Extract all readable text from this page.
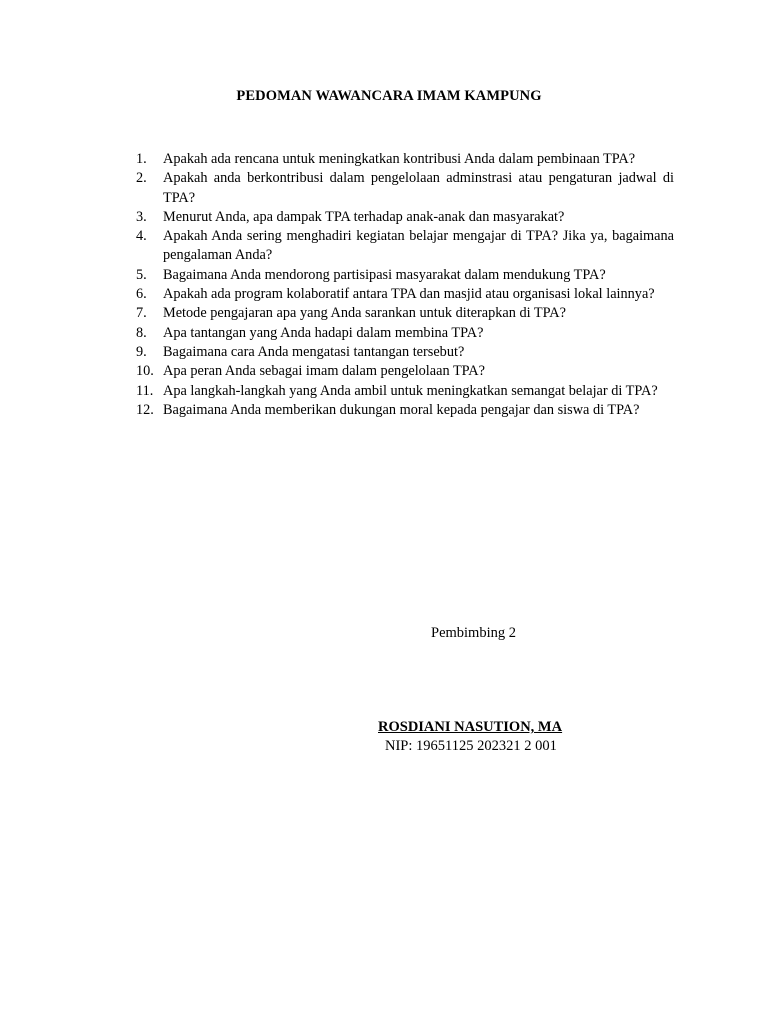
PEDOMAN WAWANCARA IMAM KAMPUNG
1.	Apakah ada rencana untuk meningkatkan kontribusi Anda dalam pembinaan TPA?
2.	Apakah anda berkontribusi dalam pengelolaan adminstrasi atau pengaturan jadwal di TPA?
3.	Menurut Anda, apa dampak TPA terhadap anak-anak dan masyarakat?
4.	Apakah Anda sering menghadiri kegiatan belajar mengajar di TPA? Jika ya, bagaimana pengalaman Anda?
5.	Bagaimana Anda mendorong partisipasi masyarakat dalam mendukung TPA?
6.	Apakah ada program kolaboratif antara TPA dan masjid atau organisasi lokal lainnya?
7.	Metode pengajaran apa yang Anda sarankan untuk diterapkan di TPA?
8.	Apa tantangan yang Anda hadapi dalam membina TPA?
9.	Bagaimana cara Anda mengatasi tantangan tersebut?
10. Apa peran Anda sebagai imam dalam pengelolaan TPA?
11. Apa langkah-langkah yang Anda ambil untuk meningkatkan semangat belajar di TPA?
12. Bagaimana Anda memberikan dukungan moral kepada pengajar dan siswa di TPA?
Pembimbing 2
ROSDIANI NASUTION, MA
NIP: 19651125 202321 2 001
